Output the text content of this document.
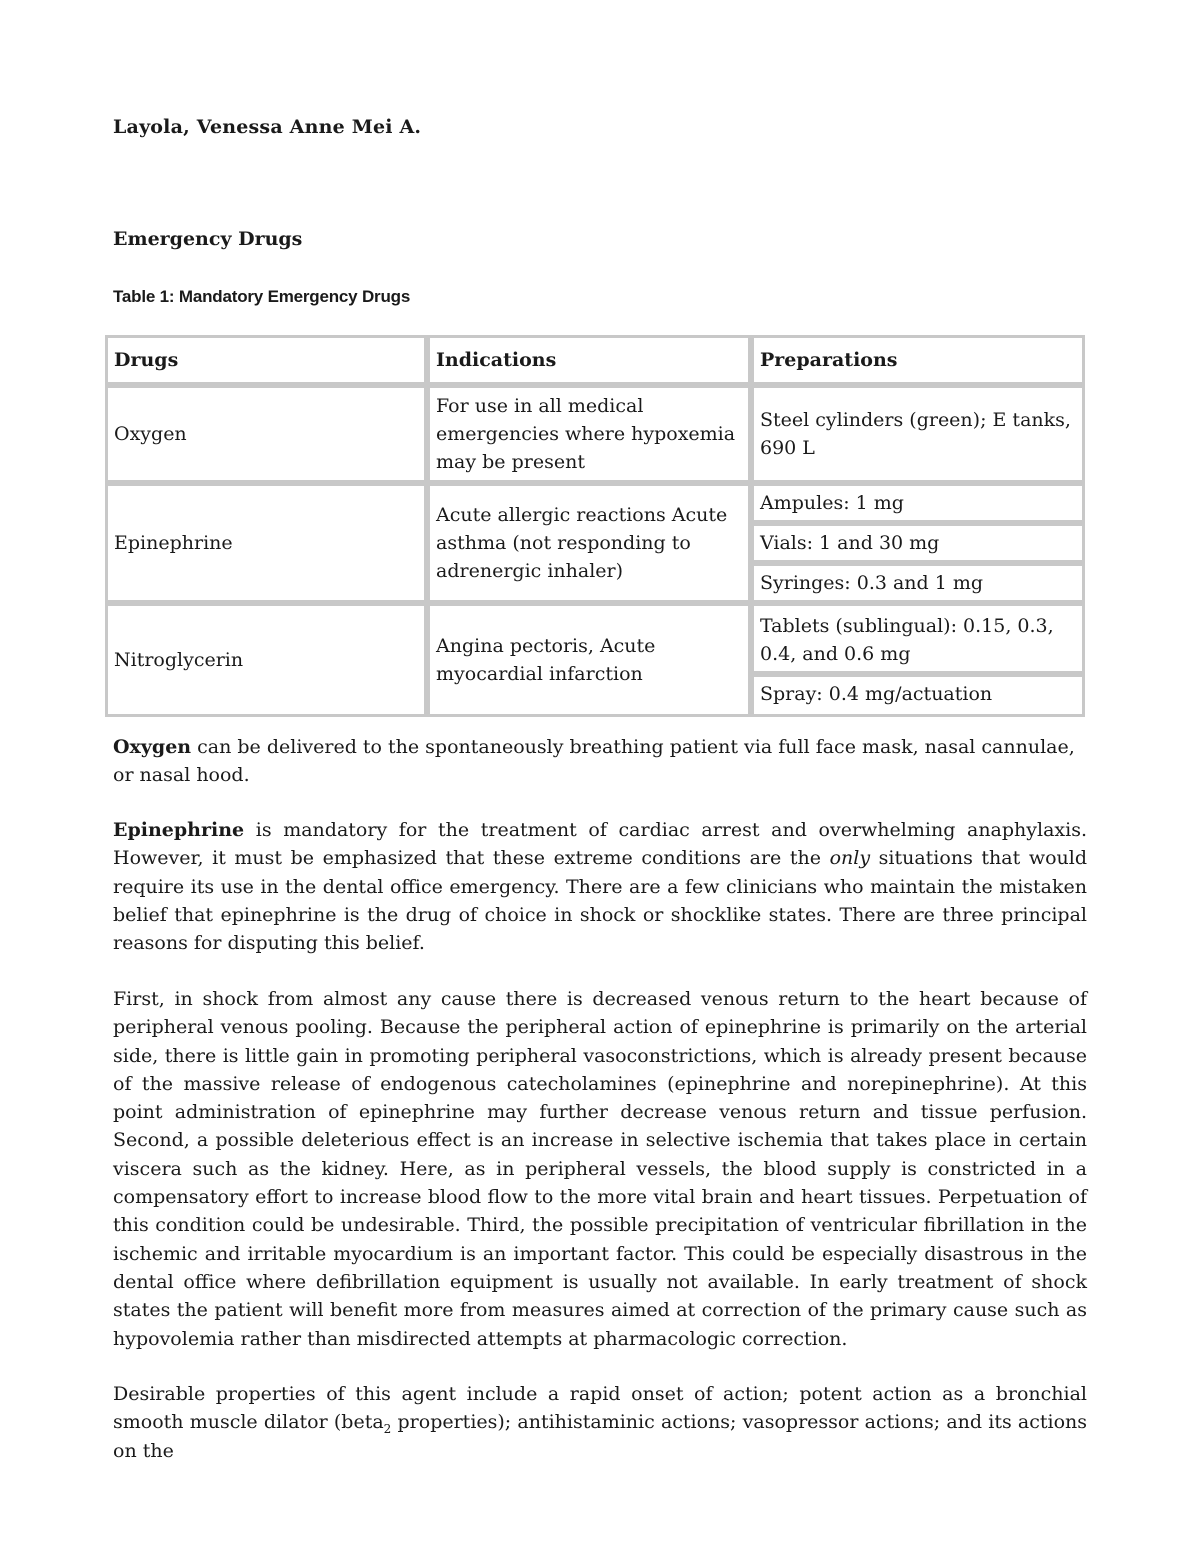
Layola, Venessa Anne Mei A.
Emergency Drugs
Table 1: Mandatory Emergency Drugs
Drugs	Indications	Preparations
Oxygen	For use in all medical emergencies where hypoxemia may be present	Steel cylinders (green); E tanks, 690 L

Epinephrine	Acute allergic reactions Acute asthma (not responding to adrenergic inhaler)	Ampules: 1 mg
Vials: 1 and 30 mg
Syringes: 0.3 and 1 mg

Nitroglycerin	Angina pectoris, Acute myocardial infarction	Tablets (sublingual): 0.15, 0.3, 0.4, and 0.6 mg
Spray: 0.4 mg/actuation

Oxygen can be delivered to the spontaneously breathing patient via full face mask, nasal cannulae, or nasal hood.

Epinephrine is mandatory for the treatment of cardiac arrest and overwhelming anaphylaxis. However, it must be emphasized that these extreme conditions are the only situations that would require its use in the dental office emergency. There are a few clinicians who maintain the mistaken belief that epinephrine is the drug of choice in shock or shocklike states. There are three principal reasons for disputing this belief.

First, in shock from almost any cause there is decreased venous return to the heart because of peripheral venous pooling. Because the peripheral action of epinephrine is primarily on the arterial side, there is little gain in promoting peripheral vasoconstrictions, which is already present because of the massive release of endogenous catecholamines (epinephrine and norepinephrine). At this point administration of epinephrine may further decrease venous return and tissue perfusion. Second, a possible deleterious effect is an increase in selective ischemia that takes place in certain viscera such as the kidney. Here, as in peripheral vessels, the blood supply is constricted in a compensatory effort to increase blood flow to the more vital brain and heart tissues. Perpetuation of this condition could be undesirable. Third, the possible precipitation of ventricular fibrillation in the ischemic and irritable myocardium is an important factor. This could be especially disastrous in the dental office where defibrillation equipment is usually not available. In early treatment of shock states the patient will benefit more from measures aimed at correction of the primary cause such as hypovolemia rather than misdirected attempts at pharmacologic correction.

Desirable properties of this agent include a rapid onset of action; potent action as a bronchial smooth muscle dilator (beta$_2$ properties); antihistaminic actions; vasopressor actions; and its actions on the
